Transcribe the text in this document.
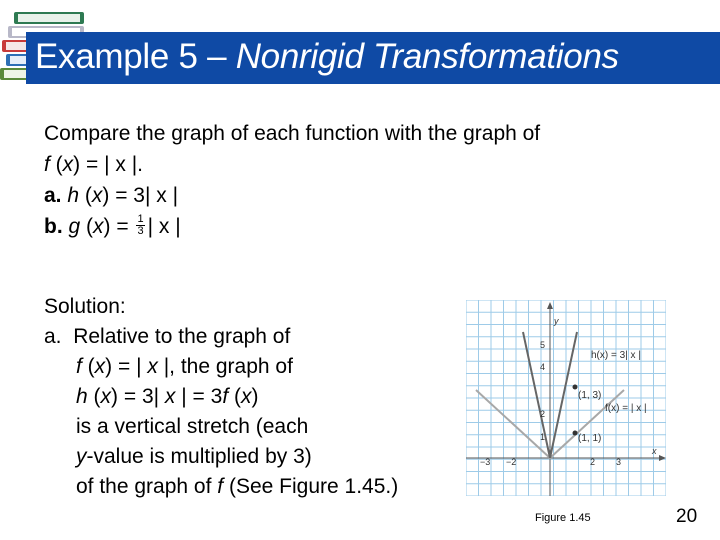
Example 5 – Nonrigid Transformations
Compare the graph of each function with the graph of
f (x) = | x |.
a. h (x) = 3| x |
b. g $(x) = \frac{1}{3}$ | x |
Solution:
a. Relative to the graph of
f (x) = | x |, the graph of
h (x) = 3| x | = 3f (x)
is a vertical stretch (each
y-value is multiplied by 3)
of the graph of f (See Figure 1.45.)
y
x
h(x) = 3| x |
f(x) = | x |
(1, 3)
(1, 1)
−3 −2	2 3
5
4
2
1
Figure 1.45	20
